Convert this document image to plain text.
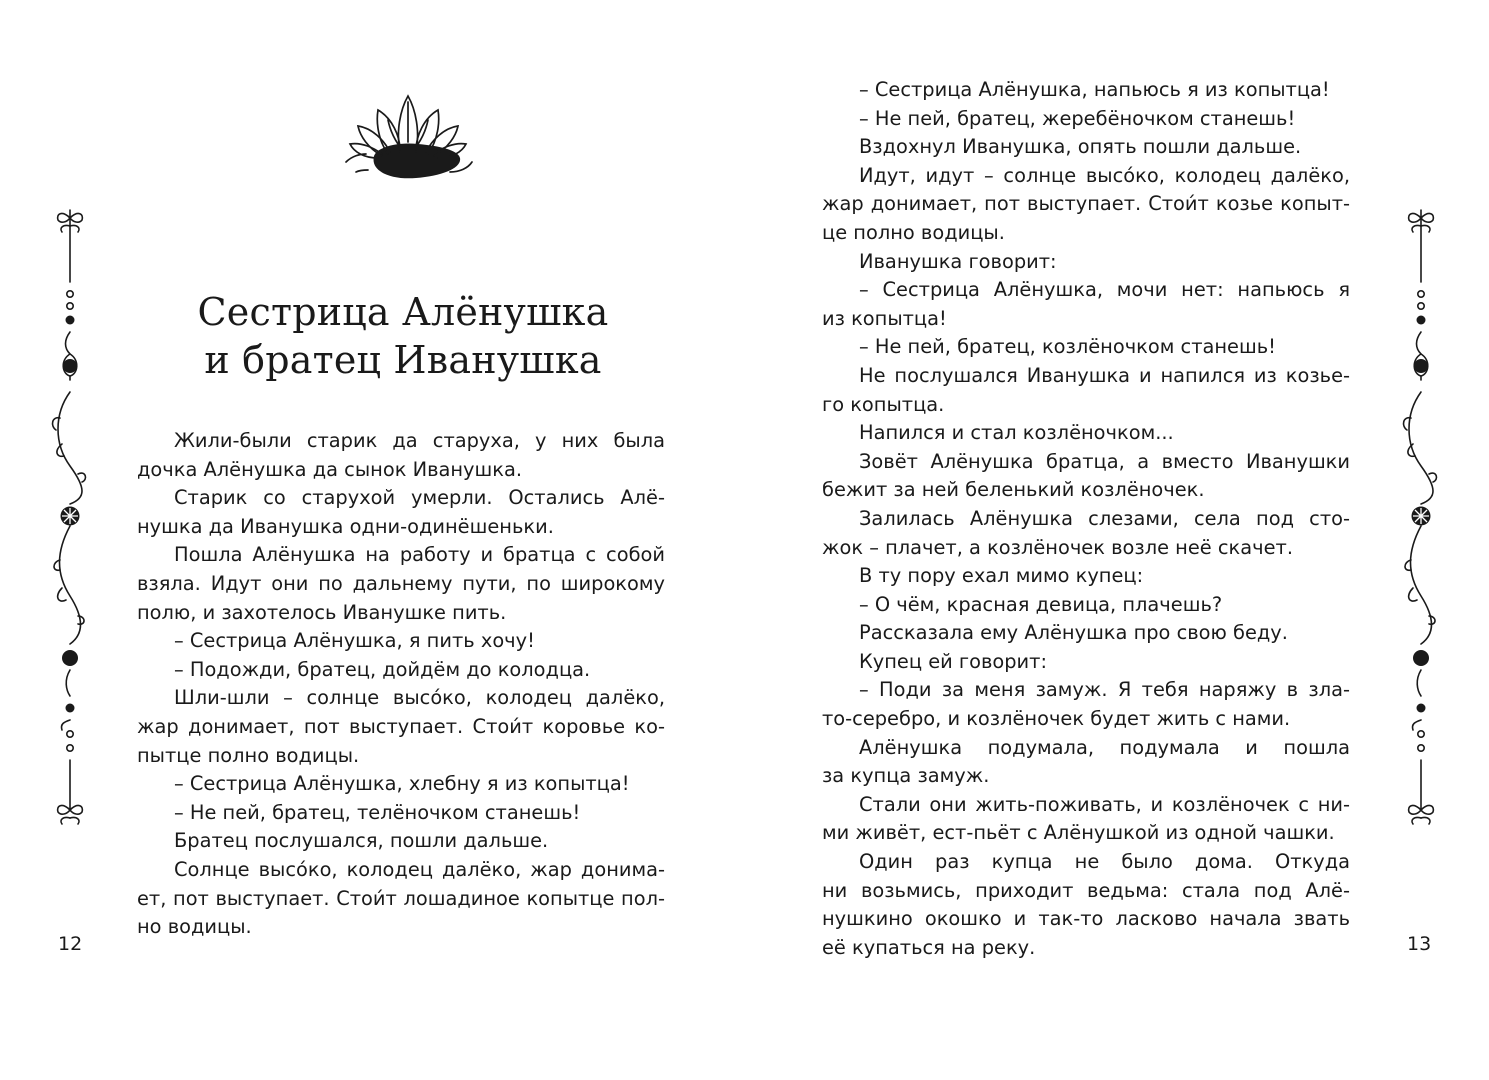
Сестрица Алёнушка
и братец Иванушка
Жили-были старик да старуха, у них была
дочка Алёнушка да сынок Иванушка.
Старик со старухой умерли. Остались Алё-
нушка да Иванушка одни-одинёшеньки.
Пошла Алёнушка на работу и братца с собой
взяла. Идут они по дальнему пути, по широкому
полю, и захотелось Иванушке пить.
– Сестрица Алёнушка, я пить хочу!
– Подожди, братец, дойдём до колодца.
Шли-шли – солнце высо́ко, колодец далёко,
жар донимает, пот выступает. Стои́т коровье ко-
пытце полно водицы.
– Сестрица Алёнушка, хлебну я из копытца!
– Не пей, братец, телёночком станешь!
Братец послушался, пошли дальше.
Солнце высо́ко, колодец далёко, жар донима-
ет, пот выступает. Стои́т лошадиное копытце пол-
но водицы.
12
– Сестрица Алёнушка, напьюсь я из копытца!
– Не пей, братец, жеребёночком станешь!
Вздохнул Иванушка, опять пошли дальше.
Идут, идут – солнце высо́ко, колодец далёко,
жар донимает, пот выступает. Стои́т козье копыт-
це полно водицы.
Иванушка говорит:
– Сестрица Алёнушка, мочи нет: напьюсь я
из копытца!
– Не пей, братец, козлёночком станешь!
Не послушался Иванушка и напился из козье-
го копытца.
Напился и стал козлёночком...
Зовёт Алёнушка братца, а вместо Иванушки
бежит за ней беленький козлёночек.
Залилась Алёнушка слезами, села под сто-
жок – плачет, а козлёночек возле неё скачет.
В ту пору ехал мимо купец:
– О чём, красная девица, плачешь?
Рассказала ему Алёнушка про свою беду.
Купец ей говорит:
– Поди за меня замуж. Я тебя наряжу в зла-
то-серебро, и козлёночек будет жить с нами.
Алёнушка подумала, подумала и пошла
за купца замуж.
Стали они жить-поживать, и козлёночек с ни-
ми живёт, ест-пьёт с Алёнушкой из одной чашки.
Один раз купца не было дома. Откуда
ни возьмись, приходит ведьма: стала под Алё-
нушкино окошко и так-то ласково начала звать
её купаться на реку.	13
